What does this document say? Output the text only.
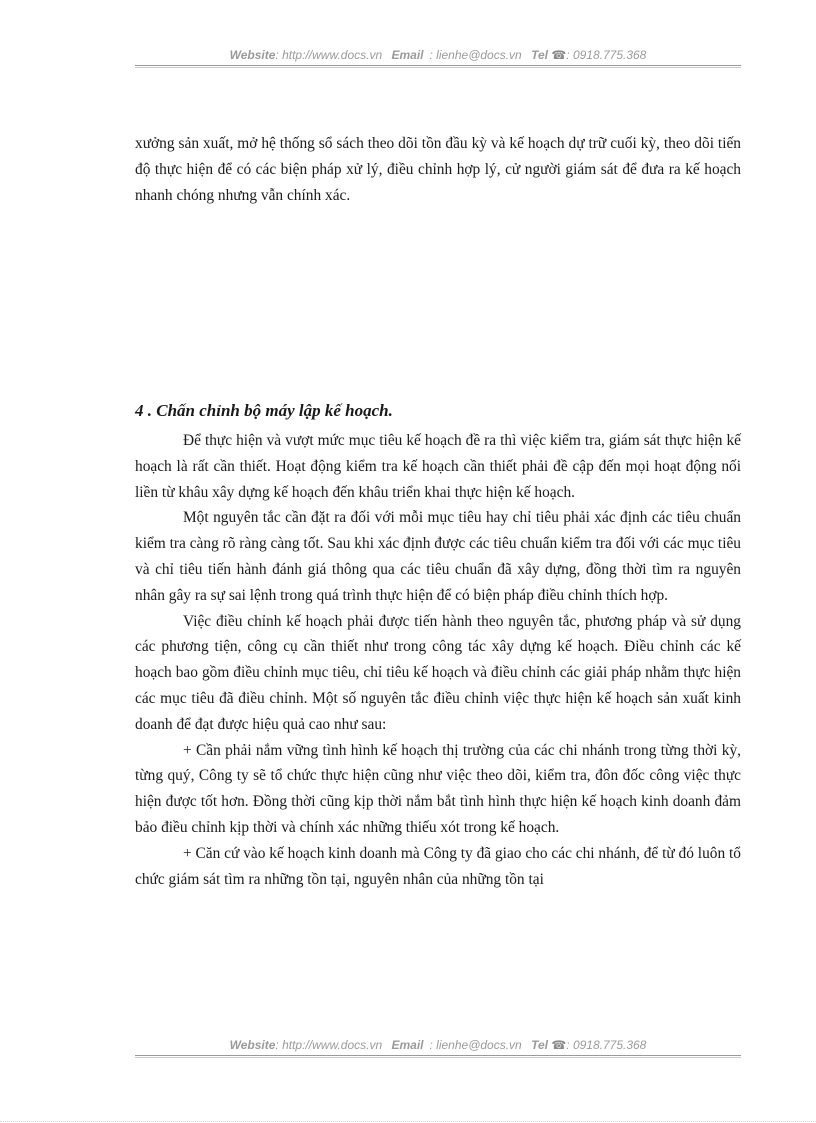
Website: http://www.docs.vn Email : lienhe@docs.vn Tel ☎: 0918.775.368

xưởng sản xuất, mở hệ thống sổ sách theo dõi tồn đầu kỳ và kế hoạch dự trữ cuối kỳ, theo dõi tiến độ thực hiện để có các biện pháp xử lý, điều chỉnh hợp lý, cử người giám sát để đưa ra kế hoạch nhanh chóng nhưng vẫn chính xác.

4 . Chấn chỉnh bộ máy lập kế hoạch.

Để thực hiện và vượt mức mục tiêu kế hoạch đề ra thì việc kiểm tra, giám sát thực hiện kế hoạch là rất cần thiết. Hoạt động kiểm tra kế hoạch cần thiết phải đề cập đến mọi hoạt động nối liền từ khâu xây dựng kế hoạch đến khâu triển khai thực hiện kế hoạch.

Một nguyên tắc cần đặt ra đối với mỗi mục tiêu hay chỉ tiêu phải xác định các tiêu chuẩn kiểm tra càng rõ ràng càng tốt. Sau khi xác định được các tiêu chuẩn kiểm tra đối với các mục tiêu và chỉ tiêu tiến hành đánh giá thông qua các tiêu chuẩn đã xây dựng, đồng thời tìm ra nguyên nhân gây ra sự sai lệnh trong quá trình thực hiện để có biện pháp điều chỉnh thích hợp.

Việc điều chỉnh kế hoạch phải được tiến hành theo nguyên tắc, phương pháp và sử dụng các phương tiện, công cụ cần thiết như trong công tác xây dựng kế hoạch. Điều chỉnh các kế hoạch bao gồm điều chỉnh mục tiêu, chỉ tiêu kế hoạch và điều chỉnh các giải pháp nhằm thực hiện các mục tiêu đã điều chỉnh. Một số nguyên tắc điều chỉnh việc thực hiện kế hoạch sản xuất kinh doanh để đạt được hiệu quả cao như sau:

+ Cần phải nắm vững tình hình kế hoạch thị trường của các chi nhánh trong từng thời kỳ, từng quý, Công ty sẽ tổ chức thực hiện cũng như việc theo dõi, kiểm tra, đôn đốc công việc thực hiện được tốt hơn. Đồng thời cũng kịp thời nắm bắt tình hình thực hiện kế hoạch kinh doanh đảm bảo điều chỉnh kịp thời và chính xác những thiếu xót trong kế hoạch.

+ Căn cứ vào kế hoạch kinh doanh mà Công ty đã giao cho các chi nhánh, để từ đó luôn tổ chức giám sát tìm ra những tồn tại, nguyên nhân của những tồn tại

Website: http://www.docs.vn Email : lienhe@docs.vn Tel ☎: 0918.775.368
